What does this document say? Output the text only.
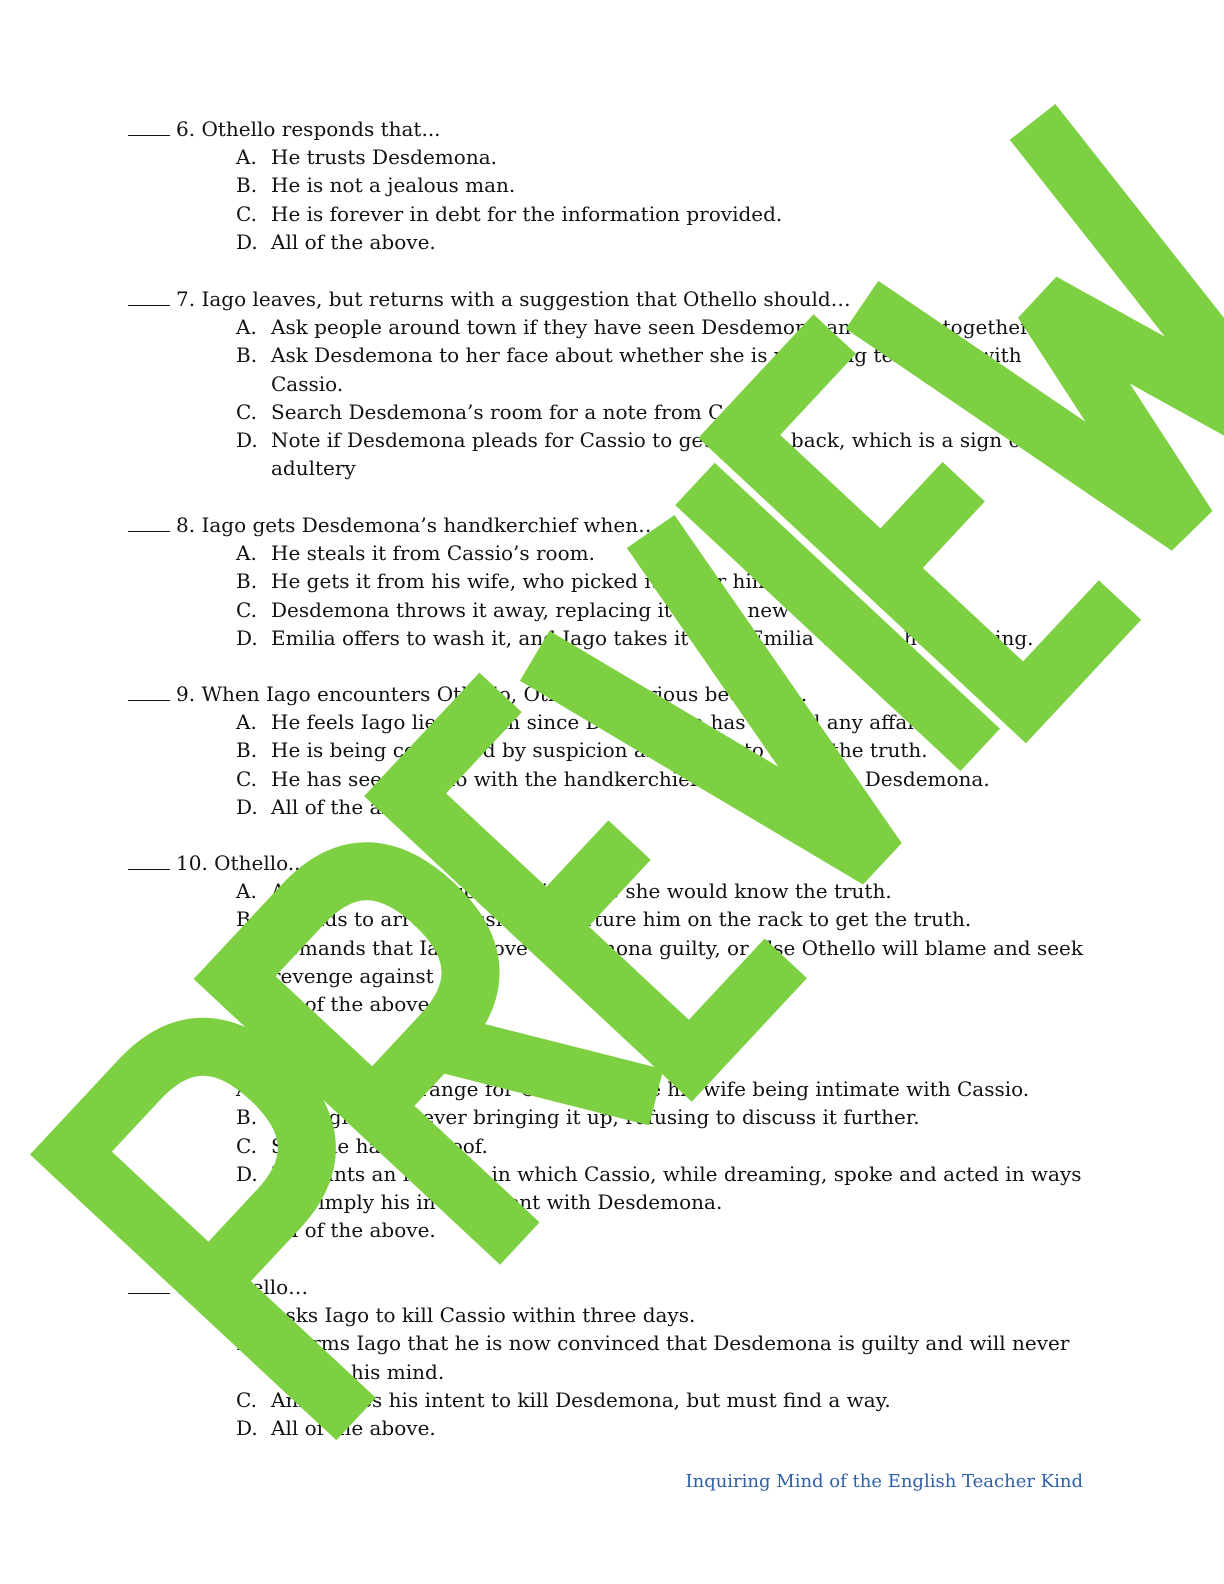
6. Othello responds that...
A. He trusts Desdemona.
B. He is not a jealous man.
C. He is forever in debt for the information provided.
D. All of the above.
7. Iago leaves, but returns with a suggestion that Othello should…
A. Ask people around town if they have seen Desdemona and Cassio together
B. Ask Desdemona to her face about whether she is watching television with Cassio.
C. Search Desdemona’s room for a note from Cassio.
D. Note if Desdemona pleads for Cassio to get his job back, which is a sign of her adultery
8. Iago gets Desdemona’s handkerchief when…
A. He steals it from Cassio’s room.
B. He gets it from his wife, who picked it up for him.
C. Desdemona throws it away, replacing it with a new one.
D. Emilia offers to wash it, and Iago takes it from Emilia without her noticing.
9. When Iago encounters Othello, Othello is furious because…
A. He feels Iago lied to him since Desdemona has denied any affair.
B. He is being consumed by suspicion and needs to know the truth.
C. He has seen Cassio with the handkerchief Othello gave to Desdemona.
D. All of the above.
10. Othello...
A. Asks Iago to question Emilia since she would know the truth.
B. Intends to arrest Cassio and torture him on the rack to get the truth.
C. Demands that Iago prove Desdemona guilty, or else Othello will blame and seek revenge against Iago.
D. All of the above.
11. Iago…
A. Says he can arrange for Othello to see his wife being intimate with Cassio.
B. Apologizes for ever bringing it up, refusing to discuss it further.
C. Says he has no proof.
D. Recounts an incident in which Cassio, while dreaming, spoke and acted in ways that imply his involvement with Desdemona.
E. All of the above.
12. Othello…
A. Asks Iago to kill Cassio within three days.
B. Informs Iago that he is now convinced that Desdemona is guilty and will never change his mind.
C. Announces his intent to kill Desdemona, but must find a way.
D. All of the above.
Inquiring Mind of the English Teacher Kind
